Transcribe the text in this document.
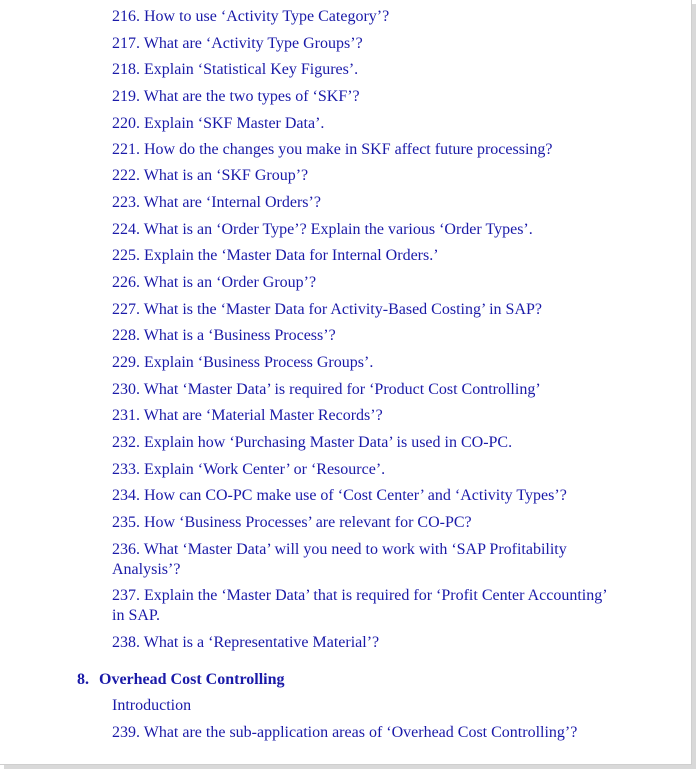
216. How to use ‘Activity Type Category’?
217. What are ‘Activity Type Groups’?
218. Explain ‘Statistical Key Figures’.
219. What are the two types of ‘SKF’?
220. Explain ‘SKF Master Data’.
221. How do the changes you make in SKF affect future processing?
222. What is an ‘SKF Group’?
223. What are ‘Internal Orders’?
224. What is an ‘Order Type’? Explain the various ‘Order Types’.
225. Explain the ‘Master Data for Internal Orders.’
226. What is an ‘Order Group’?
227. What is the ‘Master Data for Activity-Based Costing’ in SAP?
228. What is a ‘Business Process’?
229. Explain ‘Business Process Groups’.
230. What ‘Master Data’ is required for ‘Product Cost Controlling’
231. What are ‘Material Master Records’?
232. Explain how ‘Purchasing Master Data’ is used in CO-PC.
233. Explain ‘Work Center’ or ‘Resource’.
234. How can CO-PC make use of ‘Cost Center’ and ‘Activity Types’?
235. How ‘Business Processes’ are relevant for CO-PC?
236. What ‘Master Data’ will you need to work with ‘SAP Profitability Analysis’?
237. Explain the ‘Master Data’ that is required for ‘Profit Center Accounting’ in SAP.
238. What is a ‘Representative Material’?
8. Overhead Cost Controlling
Introduction
239. What are the sub-application areas of ‘Overhead Cost Controlling’?
